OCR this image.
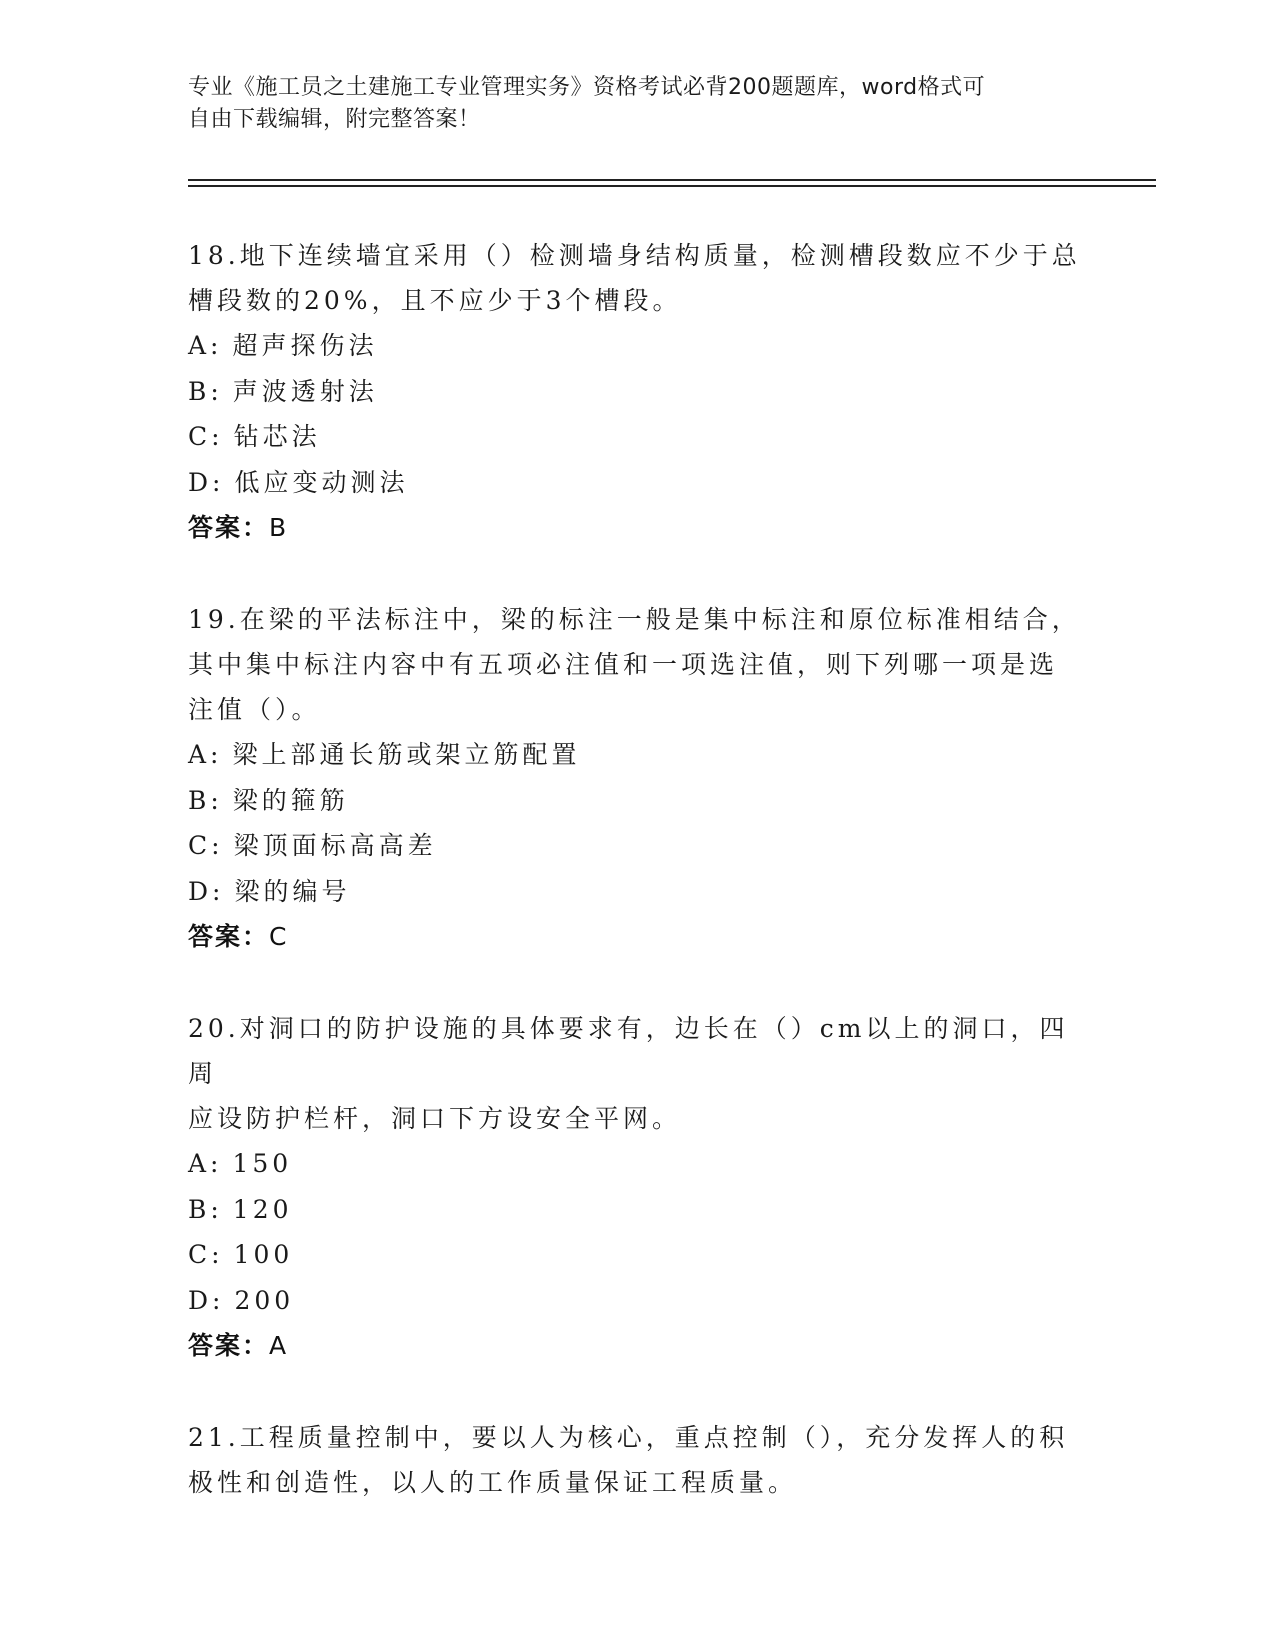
专业《施工员之土建施工专业管理实务》资格考试必背200题题库，word格式可
自由下载编辑，附完整答案！
18.地下连续墙宜采用（）检测墙身结构质量，检测槽段数应不少于总
槽段数的20%，且不应少于3个槽段。
A: 超声探伤法
B: 声波透射法
C: 钻芯法
D: 低应变动测法
答案：B
19.在梁的平法标注中，梁的标注一般是集中标注和原位标准相结合，
其中集中标注内容中有五项必注值和一项选注值，则下列哪一项是选
注值（）。
A: 梁上部通长筋或架立筋配置
B: 梁的箍筋
C: 梁顶面标高高差
D: 梁的编号
答案：C
20.对洞口的防护设施的具体要求有，边长在（）cm以上的洞口，四周
应设防护栏杆，洞口下方设安全平网。
A: 150
B: 120
C: 100
D: 200
答案：A
21.工程质量控制中，要以人为核心，重点控制（），充分发挥人的积
极性和创造性，以人的工作质量保证工程质量。
